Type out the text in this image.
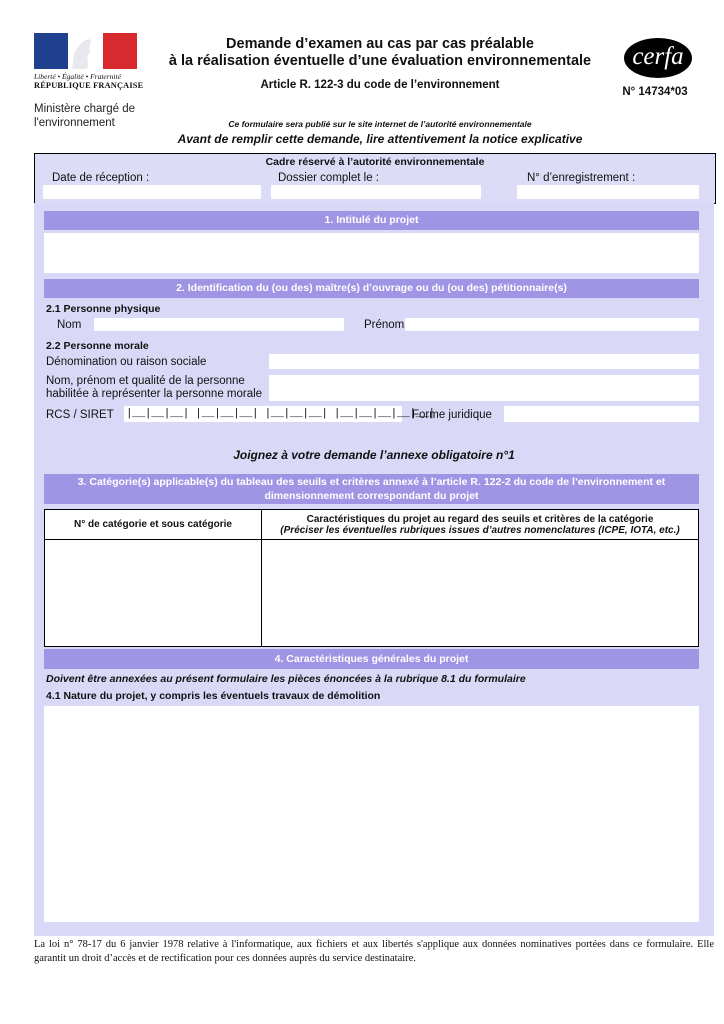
Liberté • Égalité • Fraternité
RÉPUBLIQUE FRANÇAISE
Ministère chargé de l'environnement
Demande d’examen au cas par cas préalable
à la réalisation éventuelle d’une évaluation environnementale
Article R. 122-3 du code de l’environnement
cerfa
N° 14734*03
Ce formulaire sera publié sur le site internet de l’autorité environnementale
Avant de remplir cette demande, lire attentivement la notice explicative
Cadre réservé à l’autorité environnementale
Date de réception :	Dossier complet le :	N° d’enregistrement :
1. Intitulé du projet
2. Identification du (ou des) maître(s) d’ouvrage ou du (ou des) pétitionnaire(s)
2.1 Personne physique
Nom	Prénom
2.2 Personne morale
Dénomination ou raison sociale
Nom, prénom et qualité de la personne
habilitée à représenter la personne morale
RCS / SIRET |__|__|__| |__|__|__| |__|__|__| |__|__|__|__|__|
Forme juridique
Joignez à votre demande l’annexe obligatoire n°1
3. Catégorie(s) applicable(s) du tableau des seuils et critères annexé à l’article R. 122-2 du code de l’environnement et
dimensionnement correspondant du projet
N° de catégorie et sous catégorie	Caractéristiques du projet au regard des seuils et critères de la catégorie
(Préciser les éventuelles rubriques issues d’autres nomenclatures (ICPE, IOTA, etc.)

4. Caractéristiques générales du projet
Doivent être annexées au présent formulaire les pièces énoncées à la rubrique 8.1 du formulaire
4.1 Nature du projet, y compris les éventuels travaux de démolition
La loi n° 78-17 du 6 janvier 1978 relative à l'informatique, aux fichiers et aux libertés s'applique aux données nominatives portées dans ce formulaire. Elle garantit un droit d’accès et de rectification pour ces données auprès du service destinataire.
